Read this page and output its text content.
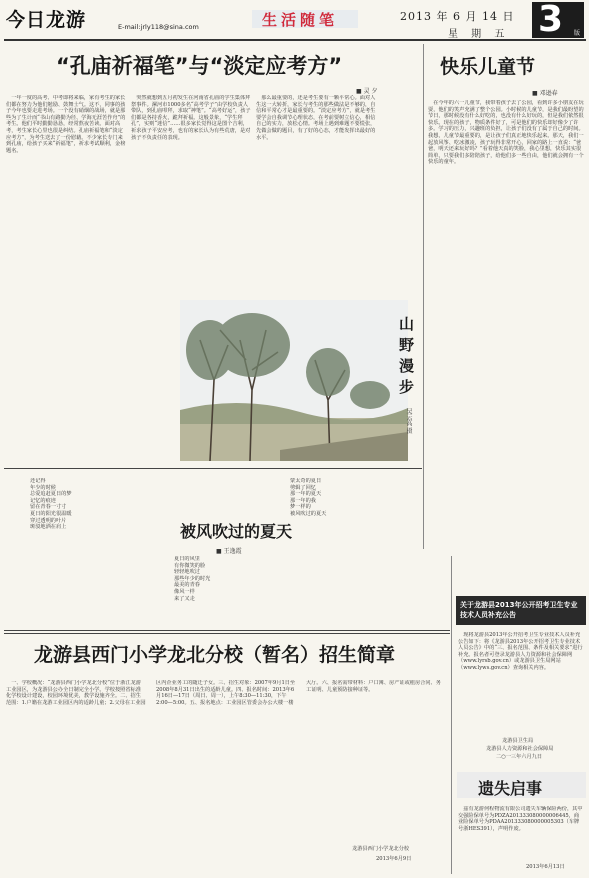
今日龙游	E-mail:jrly118@sina.com	生活随笔	2013 年 6 月 14 日
星 期 五 3	版
“孔庙祈福笔”与“淡定应考方”
■ 灵 夕

一年一度的高考、中考即将来临，家有考生的家长们都在努力为他们勉励、鼓舞士气。这不，同事的孩子今年也要走进考场。一个没有硝烟的战场，就是那些为了生计而“书山有路勤为径、学海无涯苦作舟”的考生。他们平时勤勤恳恳，经常熬夜苦读。面对高考，考生家长心里也很是纠结。孔庙祈福笔和“淡定应考方”，为考生送去了一份慰藉。不少家长专门来到孔庙，给孩子买来“祈福笔”，祈求考试顺利，金榜题名。

突然就想到五月初发生在河南省孔庙的学生集体拜祭事件。漯河市1000多名“高考学子”由学校负责人带队，到孔庙叩拜，求取“神笔”。“高考好运”，孩子们都是各持香火，跪拜祈福。这般景象，“学生拜孔”，实则“迷信”……很多家长觉得这是图个吉利，祈求孩子平安应考，也有的家长认为有些荒唐，是对孩子不负责任的表现。

那么最重要的，还是考生要有一颗平常心。面对人生这一大转折，家长与考生的那些做法是不够的，自信和平常心才是最重要的。“淡定应考方”，就是考生要学会自我调节心理状态，在考前要树立信心，相信自己的实力，放松心情。考场上遇到难题不要慌张，先做会做的题目，有了好的心态，才能发挥出最好的水平。

快乐儿童节
■ 邓逊春

在今年的六一儿童节，我带着孩子去了公园，看到许多小朋友在玩耍，他们的笑声充满了整个公园。小时候的儿童节，是我们最盼望的节日，那时候没有什么好吃的，也没有什么好玩的，但是我们依然很快乐。现在的孩子，物质条件好了，可是他们的快乐却好像少了许多。学习的压力，兴趣班的负担，让孩子们没有了属于自己的时间。我想，儿童节最重要的，是让孩子们真正地快乐起来。那天，我们一起放风筝、吃冰激凌，孩子玩得非常开心，回家的路上一直说：“爸爸，明天还来玩好吗？”看着他天真的笑脸，我心里想，快乐其实很简单，只要我们多陪陪孩子，给他们多一些自由，他们就会拥有一个快乐的童年。

山野漫步
吴云高 摄
被风吹过的夏天
■ 王逸霞
还记得
年少的时候
总爱追赶夏日的梦
记忆的痕迹
留在青春一寸寸
夏日的阳光很温暖
穿过透明的叶片
斑驳地洒在肩上
夏日的风里
有你微笑的脸
轻轻地吹过
那些年少的时光
最美的青春
像风一样
来了又走
蒙太奇的夏日
剪辑了回忆
那一年的夏天
那一年的我
梦一样的
被风吹过的夏天
龙游县西门小学龙北分校（暂名）招生简章

一、学校概况：“龙游县西门小学龙北分校”位于浙江龙游工业园区，为龙游县公办全日制完全小学。学校按照省标准化学校设计建设，校园环境优美，教学设施齐全。二、招生范围：1.户籍在龙游工业园区内的适龄儿童；2.父母在工业园区内企业务工的随迁子女。三、招生对象：2007年9月1日至2008年8月31日出生的适龄儿童。四、报名时间：2013年6月16日—17日（周日、周一），上午8:30—11:30，下午2:00—5:00。五、报名地点：工业园区管委会办公大楼一楼大厅。六、报名需带材料：户口簿、房产证或租房合同、务工证明、儿童预防接种证等。

龙游县西门小学龙北分校
2013年6月9日
关于龙游县2013年公开招考卫生专业技术人员补充公告

现将龙游县2013年公开招考卫生专业技术人员补充公告如下：将《龙游县2013年公开招考卫生专业技术人员公告》中的“三、报名范围、条件及相关要求”进行补充。报名者可登录龙游县人力资源和社会保障网（www.lyrsb.gov.cn）或龙游县卫生局网站（www.lyws.gov.cn）查询相关内容。

龙游县卫生局
龙游县人力资源和社会保障局
二○一三年六月九日
遗失启事

兹有龙游何程物流有限公司遗失车辆保险两份，其中交强险保单号为PDZA201333080000006445，商业险保单号为PDAA201333080000005303（车牌号浙HES391），声明作废。

2013年6月13日
